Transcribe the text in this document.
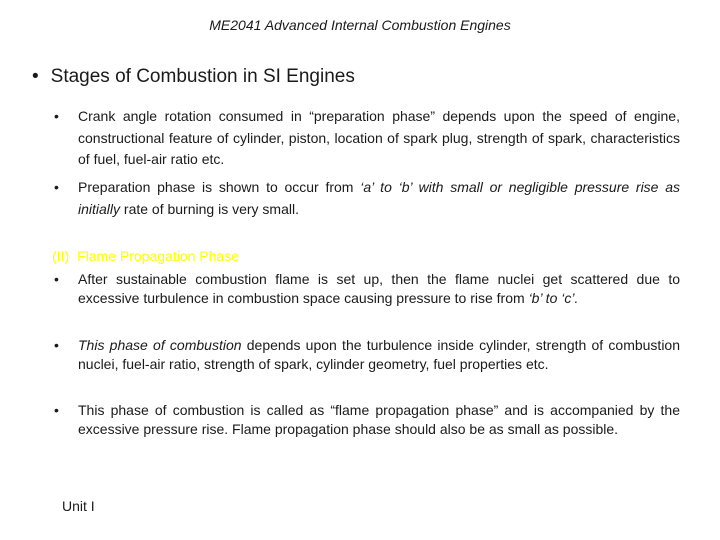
ME2041 Advanced Internal Combustion Engines
• Stages of Combustion in SI Engines
•	Crank angle rotation consumed in “preparation phase” depends upon the speed of engine, constructional feature of cylinder, piston, location of spark plug, strength of spark, characteristics of fuel, fuel-air ratio etc.
•	Preparation phase is shown to occur from ‘a’ to ‘b’ with small or negligible pressure rise as initially rate of burning is very small.
(II) Flame Propagation Phase
•	After sustainable combustion flame is set up, then the flame nuclei get scattered due to excessive turbulence in combustion space causing pressure to rise from ‘b’ to ‘c’.
•	This phase of combustion depends upon the turbulence inside cylinder, strength of combustion nuclei, fuel-air ratio, strength of spark, cylinder geometry, fuel properties etc.
•	This phase of combustion is called as “flame propagation phase” and is accompanied by the excessive pressure rise. Flame propagation phase should also be as small as possible.
Unit I
